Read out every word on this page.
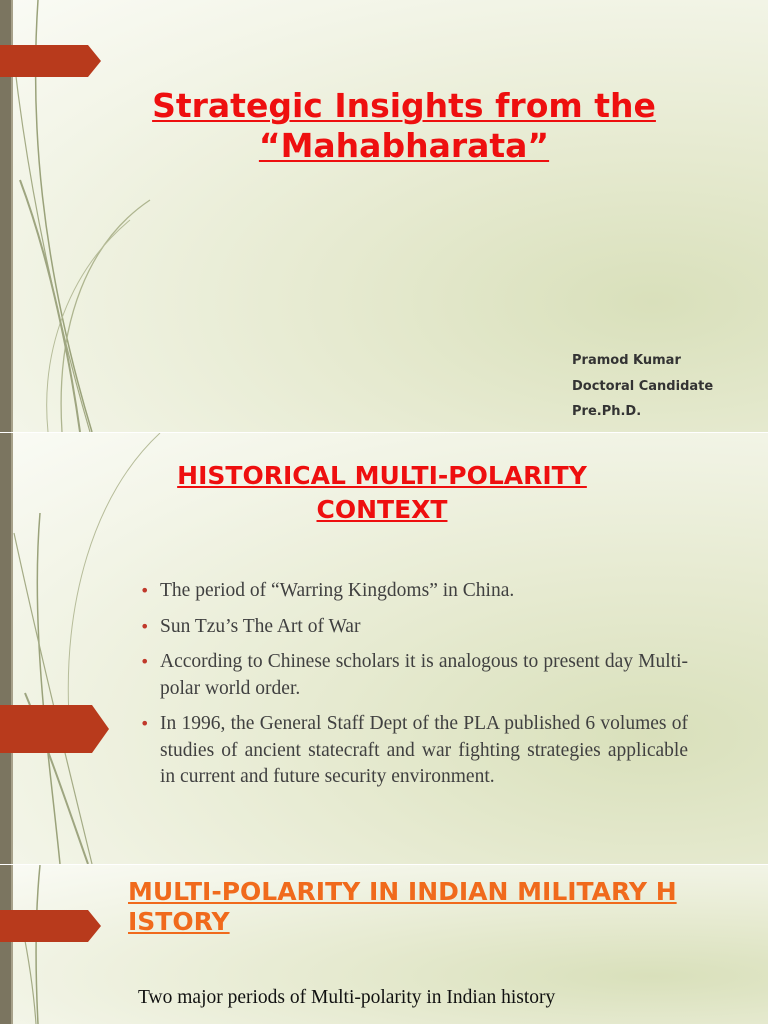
Strategic Insights from the
“Mahabharata”
Pramod Kumar
Doctoral Candidate
Pre.Ph.D.
HISTORICAL MULTI-POLARITY
CONTEXT
• The period of “Warring Kingdoms” in China.
• Sun Tzu’s The Art of War
• According to Chinese scholars it is analogous to present day Multi-polar world order.
• In 1996, the General Staff Dept of the PLA published 6 volumes of studies of ancient statecraft and war fighting strategies applicable in current and future security environment.
MULTI-POLARITY IN INDIAN MILITARY HISTORY
Two major periods of Multi-polarity in Indian history
